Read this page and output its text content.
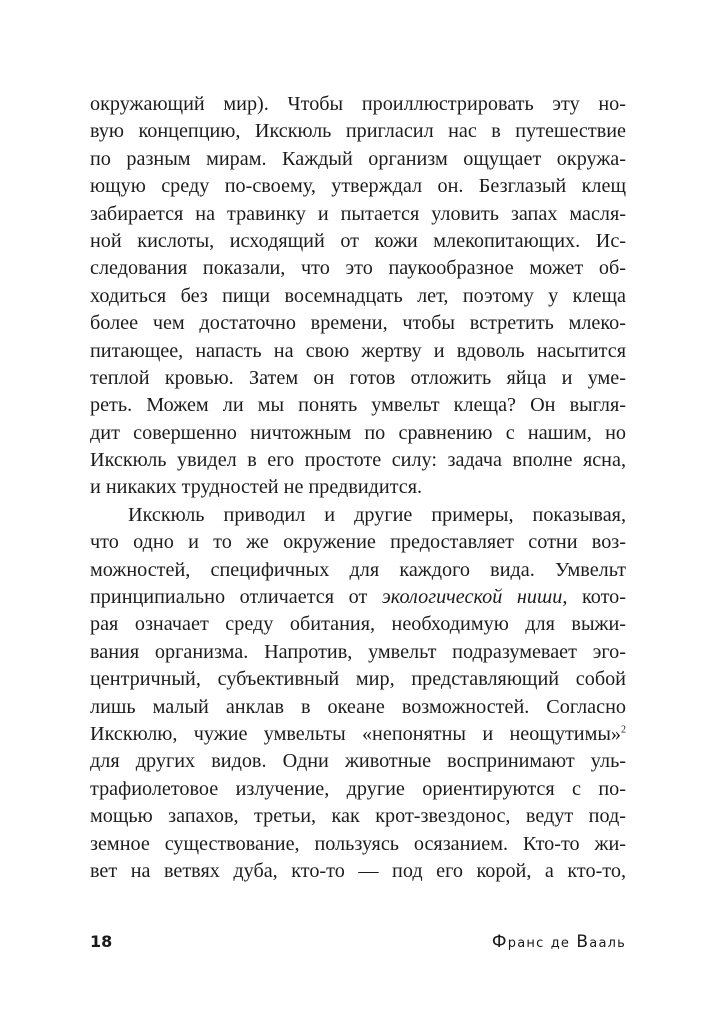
окружающий мир). Чтобы проиллюстрировать эту но-
вую концепцию, Икскюль пригласил нас в путешествие
по разным мирам. Каждый организм ощущает окружа-
ющую среду по-своему, утверждал он. Безглазый клещ
забирается на травинку и пытается уловить запах масля-
ной кислоты, исходящий от кожи млекопитающих. Ис-
следования показали, что это паукообразное может об-
ходиться без пищи восемнадцать лет, поэтому у клеща
более чем достаточно времени, чтобы встретить млеко-
питающее, напасть на свою жертву и вдоволь насытится
теплой кровью. Затем он готов отложить яйца и уме-
реть. Можем ли мы понять умвельт клеща? Он выгля-
дит совершенно ничтожным по сравнению с нашим, но
Икскюль увидел в его простоте силу: задача вполне ясна,
и никаких трудностей не предвидится.
Икскюль приводил и другие примеры, показывая,
что одно и то же окружение предоставляет сотни воз-
можностей, специфичных для каждого вида. Умвельт
принципиально отличается от экологической ниши, кото-
рая означает среду обитания, необходимую для выжи-
вания организма. Напротив, умвельт подразумевает эго-
центричный, субъективный мир, представляющий собой
лишь малый анклав в океане возможностей. Согласно
Икскюлю, чужие умвельты «непонятны и неощутимы»$^2$
для других видов. Одни животные воспринимают уль-
трафиолетовое излучение, другие ориентируются с по-
мощью запахов, третьи, как крот-звездонос, ведут под-
земное существование, пользуясь осязанием. Кто-то жи-
вет на ветвях дуба, кто-то — под его корой, а кто-то,
18	Франс де Вааль
